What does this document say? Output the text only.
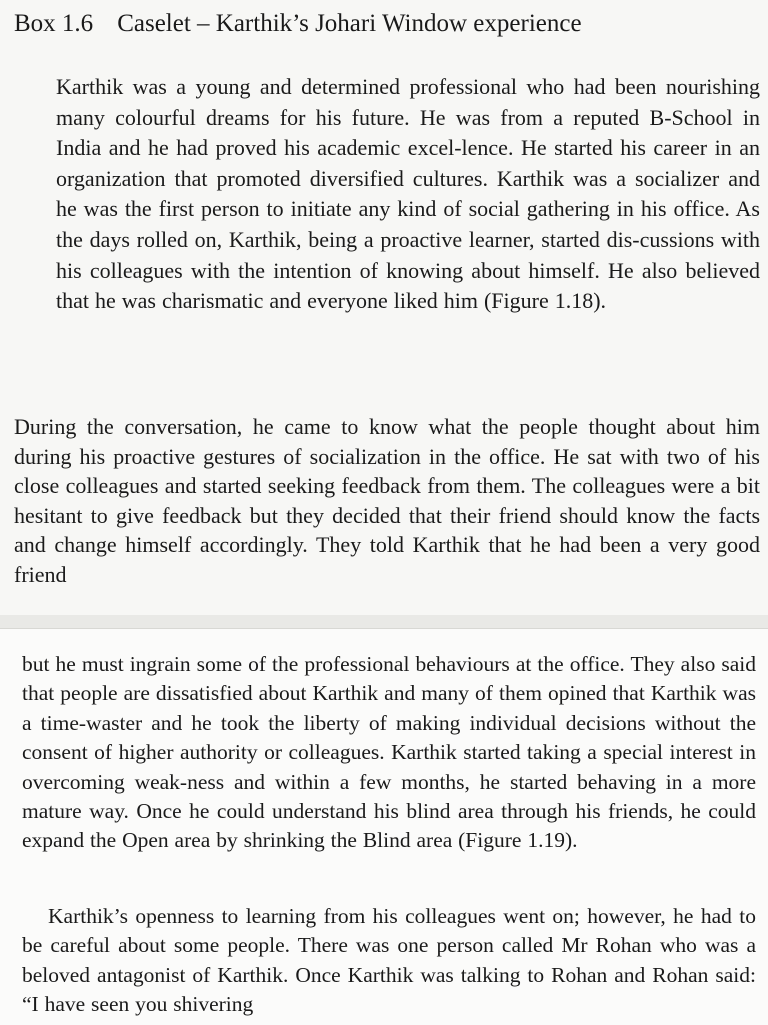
Box 1.6 Caselet – Karthik’s Johari Window experience
Karthik was a young and determined professional who had been nourishing many colourful dreams for his future. He was from a reputed B-School in India and he had proved his academic excel-lence. He started his career in an organization that promoted diversified cultures. Karthik was a socializer and he was the first person to initiate any kind of social gathering in his office. As the days rolled on, Karthik, being a proactive learner, started dis-cussions with his colleagues with the intention of knowing about himself. He also believed that he was charismatic and everyone liked him (Figure 1.18).
During the conversation, he came to know what the people thought about him during his proactive gestures of socialization in the office. He sat with two of his close colleagues and started seeking feedback from them. The colleagues were a bit hesitant to give feedback but they decided that their friend should know the facts and change himself accordingly. They told Karthik that he had been a very good friend
but he must ingrain some of the professional behaviours at the office. They also said that people are dissatisfied about Karthik and many of them opined that Karthik was a time-waster and he took the liberty of making individual decisions without the consent of higher authority or colleagues. Karthik started taking a special interest in overcoming weak-ness and within a few months, he started behaving in a more mature way. Once he could understand his blind area through his friends, he could expand the Open area by shrinking the Blind area (Figure 1.19).
Karthik’s openness to learning from his colleagues went on; however, he had to be careful about some people. There was one person called Mr Rohan who was a beloved antagonist of Karthik. Once Karthik was talking to Rohan and Rohan said: “I have seen you shivering
